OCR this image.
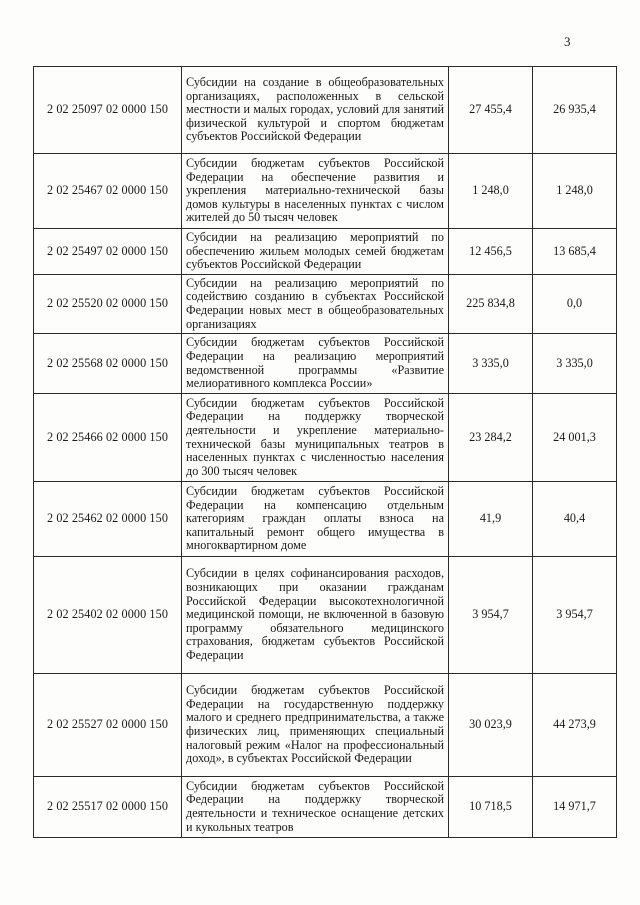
3
2 02 25097 02 0000 150	Субсидии на создание в общеобразовательных организациях, расположенных в сельской местности и малых городах, условий для занятий физической культурой и спортом бюджетам субъектов Российской Федерации	27 455,4	26 935,4
2 02 25467 02 0000 150	Субсидии бюджетам субъектов Российской Федерации на обеспечение развития и укрепления материально-технической базы домов культуры в населенных пунктах с числом жителей до 50 тысяч человек	1 248,0	1 248,0
2 02 25497 02 0000 150	Субсидии на реализацию мероприятий по обеспечению жильем молодых семей бюджетам субъектов Российской Федерации	12 456,5	13 685,4
2 02 25520 02 0000 150	Субсидии на реализацию мероприятий по содействию созданию в субъектах Российской Федерации новых мест в общеобразовательных организациях	225 834,8	0,0
2 02 25568 02 0000 150	Субсидии бюджетам субъектов Российской Федерации на реализацию мероприятий ведомственной программы «Развитие мелиоративного комплекса России»	3 335,0	3 335,0
2 02 25466 02 0000 150	Субсидии бюджетам субъектов Российской Федерации на поддержку творческой деятельности и укрепление материально-технической базы муниципальных театров в населенных пунктах с численностью населения до 300 тысяч человек	23 284,2	24 001,3
2 02 25462 02 0000 150	Субсидии бюджетам субъектов Российской Федерации на компенсацию отдельным категориям граждан оплаты взноса на капитальный ремонт общего имущества в многоквартирном доме	41,9	40,4
2 02 25402 02 0000 150	Субсидии в целях софинансирования расходов, возникающих при оказании гражданам Российской Федерации высокотехнологичной медицинской помощи, не включенной в базовую программу обязательного медицинского страхования, бюджетам субъектов Российской Федерации	3 954,7	3 954,7
2 02 25527 02 0000 150	Субсидии бюджетам субъектов Российской Федерации на государственную поддержку малого и среднего предпринимательства, а также физических лиц, применяющих специальный налоговый режим «Налог на профессиональный доход», в субъектах Российской Федерации	30 023,9	44 273,9
2 02 25517 02 0000 150	Субсидии бюджетам субъектов Российской Федерации на поддержку творческой деятельности и техническое оснащение детских и кукольных театров	10 718,5	14 971,7
